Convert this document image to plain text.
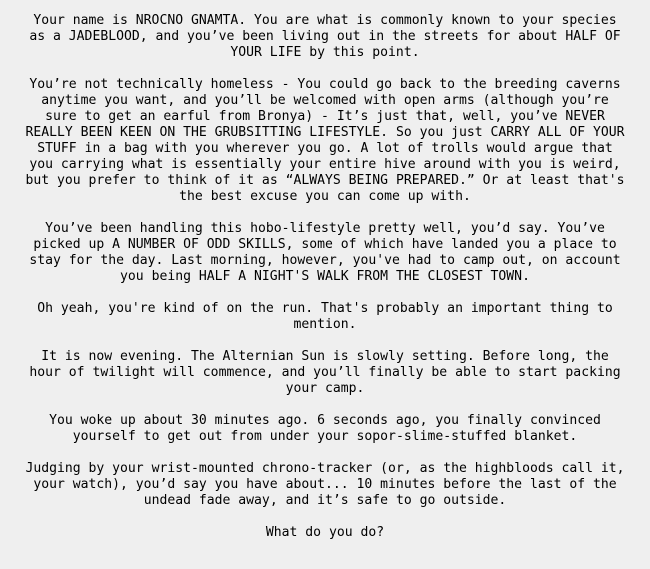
Your name is NROCNO GNAMTA. You are what is commonly known to your species as a JADEBLOOD, and you’ve been living out in the streets for about HALF OF YOUR LIFE by this point.

You’re not technically homeless - You could go back to the breeding caverns anytime you want, and you’ll be welcomed with open arms (although you’re sure to get an earful from Bronya) - It’s just that, well, you’ve NEVER REALLY BEEN KEEN ON THE GRUBSITTING LIFESTYLE. So you just CARRY ALL OF YOUR STUFF in a bag with you wherever you go. A lot of trolls would argue that you carrying what is essentially your entire hive around with you is weird, but you prefer to think of it as “ALWAYS BEING PREPARED.” Or at least that's the best excuse you can come up with.

You’ve been handling this hobo-lifestyle pretty well, you’d say. You’ve picked up A NUMBER OF ODD SKILLS, some of which have landed you a place to stay for the day. Last morning, however, you've had to camp out, on account you being HALF A NIGHT'S WALK FROM THE CLOSEST TOWN.

Oh yeah, you're kind of on the run. That's probably an important thing to mention.

It is now evening. The Alternian Sun is slowly setting. Before long, the hour of twilight will commence, and you’ll finally be able to start packing your camp.

You woke up about 30 minutes ago. 6 seconds ago, you finally convinced yourself to get out from under your sopor-slime-stuffed blanket.

Judging by your wrist-mounted chrono-tracker (or, as the highbloods call it, your watch), you’d say you have about... 10 minutes before the last of the undead fade away, and it’s safe to go outside.

What do you do?
